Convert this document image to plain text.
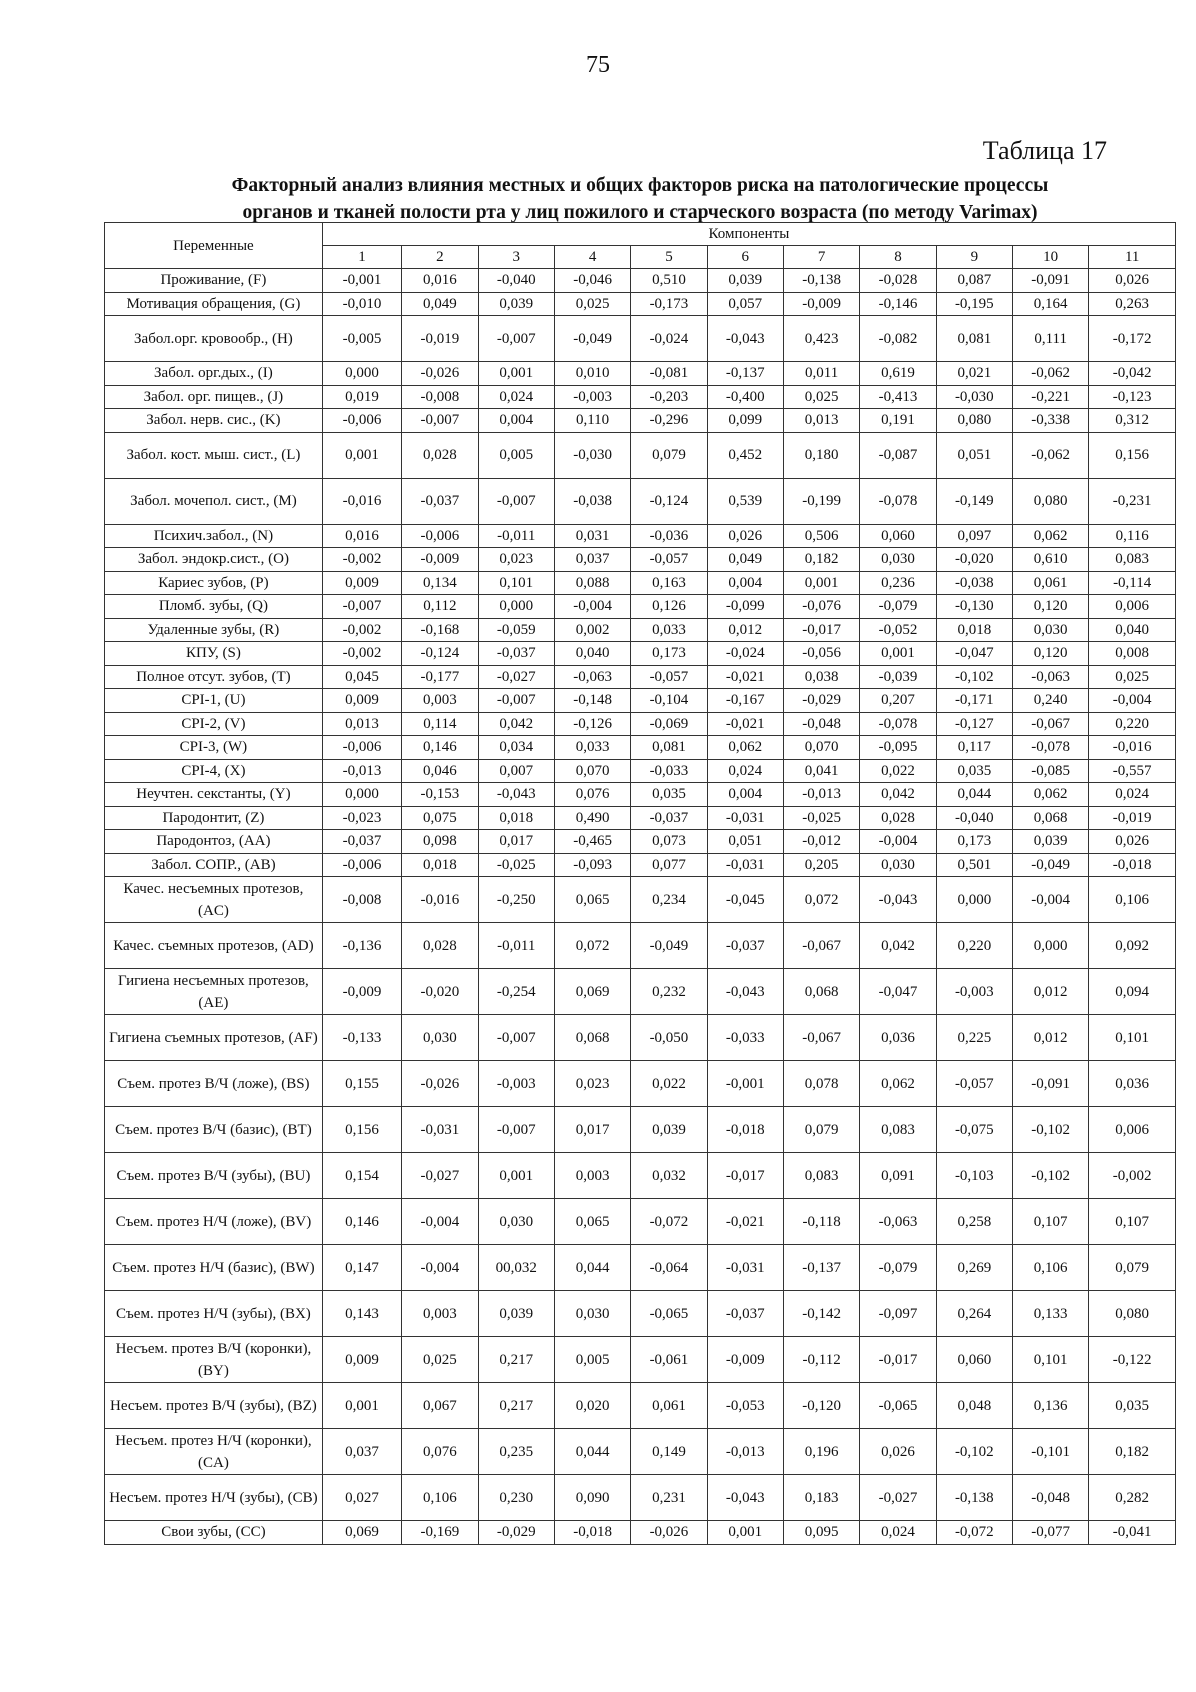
75
Таблица 17
Факторный анализ влияния местных и общих факторов риска на патологические процессы
органов и тканей полости рта у лиц пожилого и старческого возраста (по методу Varimax)
Переменные	Компоненты										
	1	2	3	4	5	6	7	8	9	10	11
Проживание, (F)	-0,001	0,016	-0,040	-0,046	0,510	0,039	-0,138	-0,028	0,087	-0,091	0,026
Мотивация обращения, (G)	-0,010	0,049	0,039	0,025	-0,173	0,057	-0,009	-0,146	-0,195	0,164	0,263
Забол.орг. кровообр., (H)	-0,005	-0,019	-0,007	-0,049	-0,024	-0,043	0,423	-0,082	0,081	0,111	-0,172
Забол. орг.дых., (I)	0,000	-0,026	0,001	0,010	-0,081	-0,137	0,011	0,619	0,021	-0,062	-0,042
Забол. орг. пищев., (J)	0,019	-0,008	0,024	-0,003	-0,203	-0,400	0,025	-0,413	-0,030	-0,221	-0,123
Забол. нерв. сис., (K)	-0,006	-0,007	0,004	0,110	-0,296	0,099	0,013	0,191	0,080	-0,338	0,312
Забол. кост. мыш. сист., (L)	0,001	0,028	0,005	-0,030	0,079	0,452	0,180	-0,087	0,051	-0,062	0,156
Забол. мочепол. сист., (M)	-0,016	-0,037	-0,007	-0,038	-0,124	0,539	-0,199	-0,078	-0,149	0,080	-0,231
Психич.забол., (N)	0,016	-0,006	-0,011	0,031	-0,036	0,026	0,506	0,060	0,097	0,062	0,116
Забол. эндокр.сист., (O)	-0,002	-0,009	0,023	0,037	-0,057	0,049	0,182	0,030	-0,020	0,610	0,083
Кариес зубов, (P)	0,009	0,134	0,101	0,088	0,163	0,004	0,001	0,236	-0,038	0,061	-0,114
Пломб. зубы, (Q)	-0,007	0,112	0,000	-0,004	0,126	-0,099	-0,076	-0,079	-0,130	0,120	0,006
Удаленные зубы, (R)	-0,002	-0,168	-0,059	0,002	0,033	0,012	-0,017	-0,052	0,018	0,030	0,040
КПУ, (S)	-0,002	-0,124	-0,037	0,040	0,173	-0,024	-0,056	0,001	-0,047	0,120	0,008
Полное отсут. зубов, (T)	0,045	-0,177	-0,027	-0,063	-0,057	-0,021	0,038	-0,039	-0,102	-0,063	0,025
CPI-1, (U)	0,009	0,003	-0,007	-0,148	-0,104	-0,167	-0,029	0,207	-0,171	0,240	-0,004
CPI-2, (V)	0,013	0,114	0,042	-0,126	-0,069	-0,021	-0,048	-0,078	-0,127	-0,067	0,220
CPI-3, (W)	-0,006	0,146	0,034	0,033	0,081	0,062	0,070	-0,095	0,117	-0,078	-0,016
CPI-4, (X)	-0,013	0,046	0,007	0,070	-0,033	0,024	0,041	0,022	0,035	-0,085	-0,557
Неучтен. секстанты, (Y)	0,000	-0,153	-0,043	0,076	0,035	0,004	-0,013	0,042	0,044	0,062	0,024
Пародонтит, (Z)	-0,023	0,075	0,018	0,490	-0,037	-0,031	-0,025	0,028	-0,040	0,068	-0,019
Пародонтоз, (AA)	-0,037	0,098	0,017	-0,465	0,073	0,051	-0,012	-0,004	0,173	0,039	0,026
Забол. СОПР., (AB)	-0,006	0,018	-0,025	-0,093	0,077	-0,031	0,205	0,030	0,501	-0,049	-0,018
Качес. несъемных протезов, (AC)	-0,008	-0,016	-0,250	0,065	0,234	-0,045	0,072	-0,043	0,000	-0,004	0,106
Качес. съемных протезов, (AD)	-0,136	0,028	-0,011	0,072	-0,049	-0,037	-0,067	0,042	0,220	0,000	0,092
Гигиена несъемных протезов, (AE)	-0,009	-0,020	-0,254	0,069	0,232	-0,043	0,068	-0,047	-0,003	0,012	0,094
Гигиена съемных протезов, (AF)	-0,133	0,030	-0,007	0,068	-0,050	-0,033	-0,067	0,036	0,225	0,012	0,101
Съем. протез В/Ч (ложе), (BS)	0,155	-0,026	-0,003	0,023	0,022	-0,001	0,078	0,062	-0,057	-0,091	0,036
Съем. протез В/Ч (базис), (BT)	0,156	-0,031	-0,007	0,017	0,039	-0,018	0,079	0,083	-0,075	-0,102	0,006
Съем. протез В/Ч (зубы), (BU)	0,154	-0,027	0,001	0,003	0,032	-0,017	0,083	0,091	-0,103	-0,102	-0,002
Съем. протез Н/Ч (ложе), (BV)	0,146	-0,004	0,030	0,065	-0,072	-0,021	-0,118	-0,063	0,258	0,107	0,107
Съем. протез Н/Ч (базис), (BW)	0,147	-0,004	00,032	0,044	-0,064	-0,031	-0,137	-0,079	0,269	0,106	0,079
Съем. протез Н/Ч (зубы), (BX)	0,143	0,003	0,039	0,030	-0,065	-0,037	-0,142	-0,097	0,264	0,133	0,080
Несъем. протез В/Ч (коронки), (BY)	0,009	0,025	0,217	0,005	-0,061	-0,009	-0,112	-0,017	0,060	0,101	-0,122
Несъем. протез В/Ч (зубы), (BZ)	0,001	0,067	0,217	0,020	0,061	-0,053	-0,120	-0,065	0,048	0,136	0,035
Несъем. протез Н/Ч (коронки), (CA)	0,037	0,076	0,235	0,044	0,149	-0,013	0,196	0,026	-0,102	-0,101	0,182
Несъем. протез Н/Ч (зубы), (CB)	0,027	0,106	0,230	0,090	0,231	-0,043	0,183	-0,027	-0,138	-0,048	0,282
Свои зубы, (CC)	0,069	-0,169	-0,029	-0,018	-0,026	0,001	0,095	0,024	-0,072	-0,077	-0,041
